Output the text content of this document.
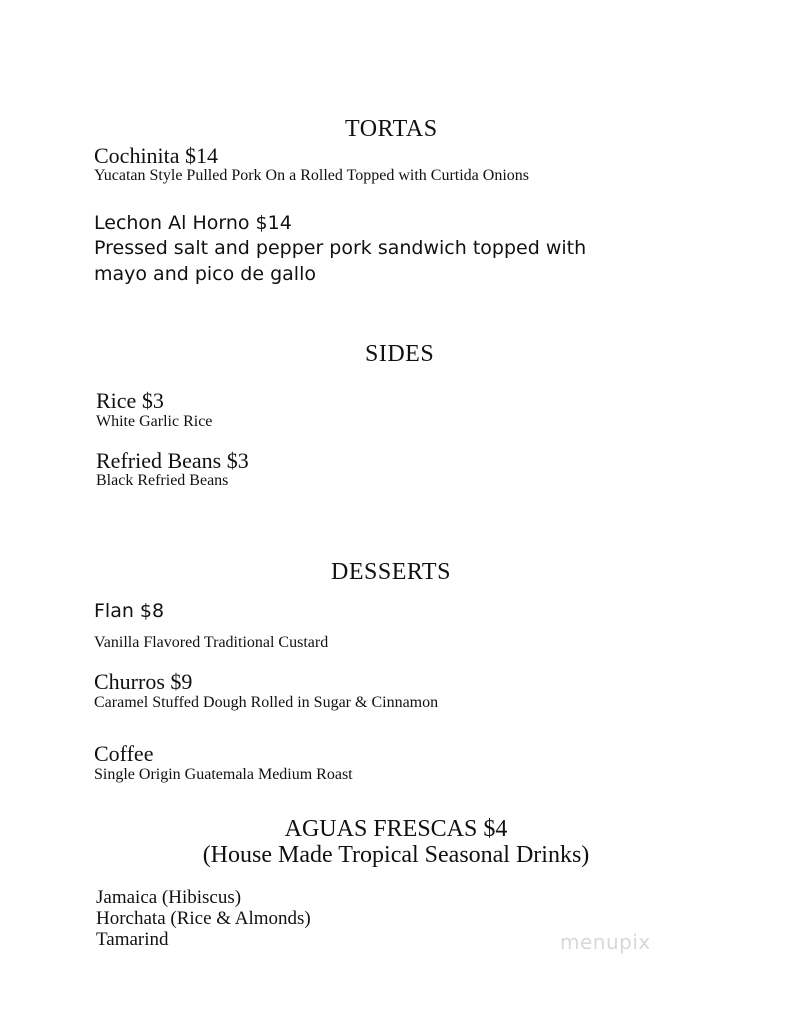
TORTAS
Cochinita $14
Yucatan Style Pulled Pork On a Rolled Topped with Curtida Onions
Lechon Al Horno $14
Pressed salt and pepper pork sandwich topped with
mayo and pico de gallo
SIDES
Rice $3
White Garlic Rice
Refried Beans $3
Black Refried Beans
DESSERTS
Flan $8
Vanilla Flavored Traditional Custard
Churros $9
Caramel Stuffed Dough Rolled in Sugar & Cinnamon
Coffee
Single Origin Guatemala Medium Roast
AGUAS FRESCAS $4
(House Made Tropical Seasonal Drinks)
Jamaica (Hibiscus)
Horchata (Rice & Almonds)
Tamarind	menupix
